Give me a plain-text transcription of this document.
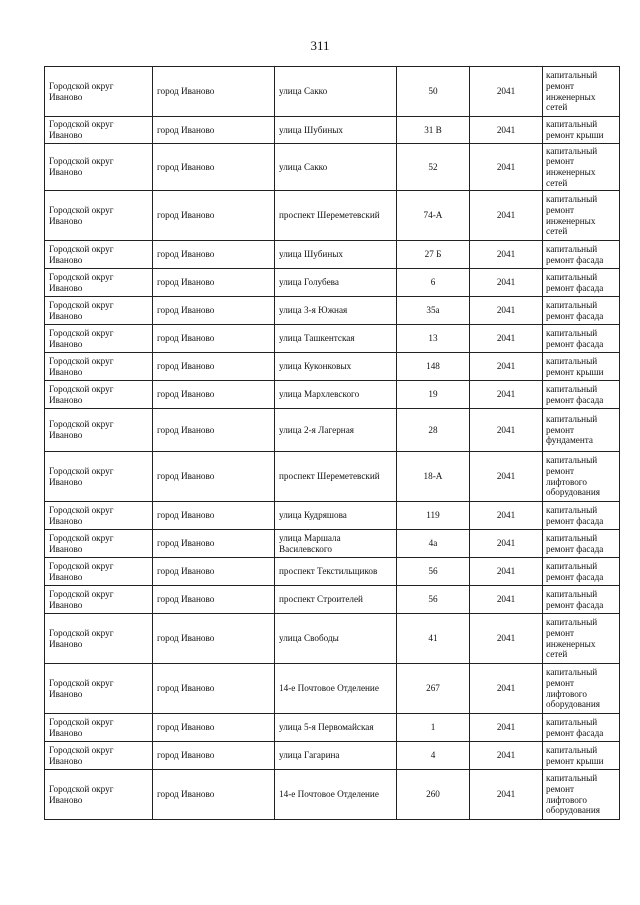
311
Городской округ Иваново	город Иваново	улица Сакко	50	2041	капитальный ремонт инженерных сетей
Городской округ Иваново	город Иваново	улица Шубиных	31 В	2041	капитальный ремонт крыши
Городской округ Иваново	город Иваново	улица Сакко	52	2041	капитальный ремонт инженерных сетей
Городской округ Иваново	город Иваново	проспект Шереметевский	74-А	2041	капитальный ремонт инженерных сетей
Городской округ Иваново	город Иваново	улица Шубиных	27 Б	2041	капитальный ремонт фасада
Городской округ Иваново	город Иваново	улица Голубева	6	2041	капитальный ремонт фасада
Городской округ Иваново	город Иваново	улица 3-я Южная	35а	2041	капитальный ремонт фасада
Городской округ Иваново	город Иваново	улица Ташкентская	13	2041	капитальный ремонт фасада
Городской округ Иваново	город Иваново	улица Куконковых	148	2041	капитальный ремонт крыши
Городской округ Иваново	город Иваново	улица Мархлевского	19	2041	капитальный ремонт фасада
Городской округ Иваново	город Иваново	улица 2-я Лагерная	28	2041	капитальный ремонт фундамента
Городской округ Иваново	город Иваново	проспект Шереметевский	18-А	2041	капитальный ремонт лифтового оборудования
Городской округ Иваново	город Иваново	улица Кудряшова	119	2041	капитальный ремонт фасада
Городской округ Иваново	город Иваново	улица Маршала Василевского	4а	2041	капитальный ремонт фасада
Городской округ Иваново	город Иваново	проспект Текстильщиков	56	2041	капитальный ремонт фасада
Городской округ Иваново	город Иваново	проспект Строителей	56	2041	капитальный ремонт фасада
Городской округ Иваново	город Иваново	улица Свободы	41	2041	капитальный ремонт инженерных сетей
Городской округ Иваново	город Иваново	14-е Почтовое Отделение	267	2041	капитальный ремонт лифтового оборудования
Городской округ Иваново	город Иваново	улица 5-я Первомайская	1	2041	капитальный ремонт фасада
Городской округ Иваново	город Иваново	улица Гагарина	4	2041	капитальный ремонт крыши
Городской округ Иваново	город Иваново	14-е Почтовое Отделение	260	2041	капитальный ремонт лифтового оборудования
